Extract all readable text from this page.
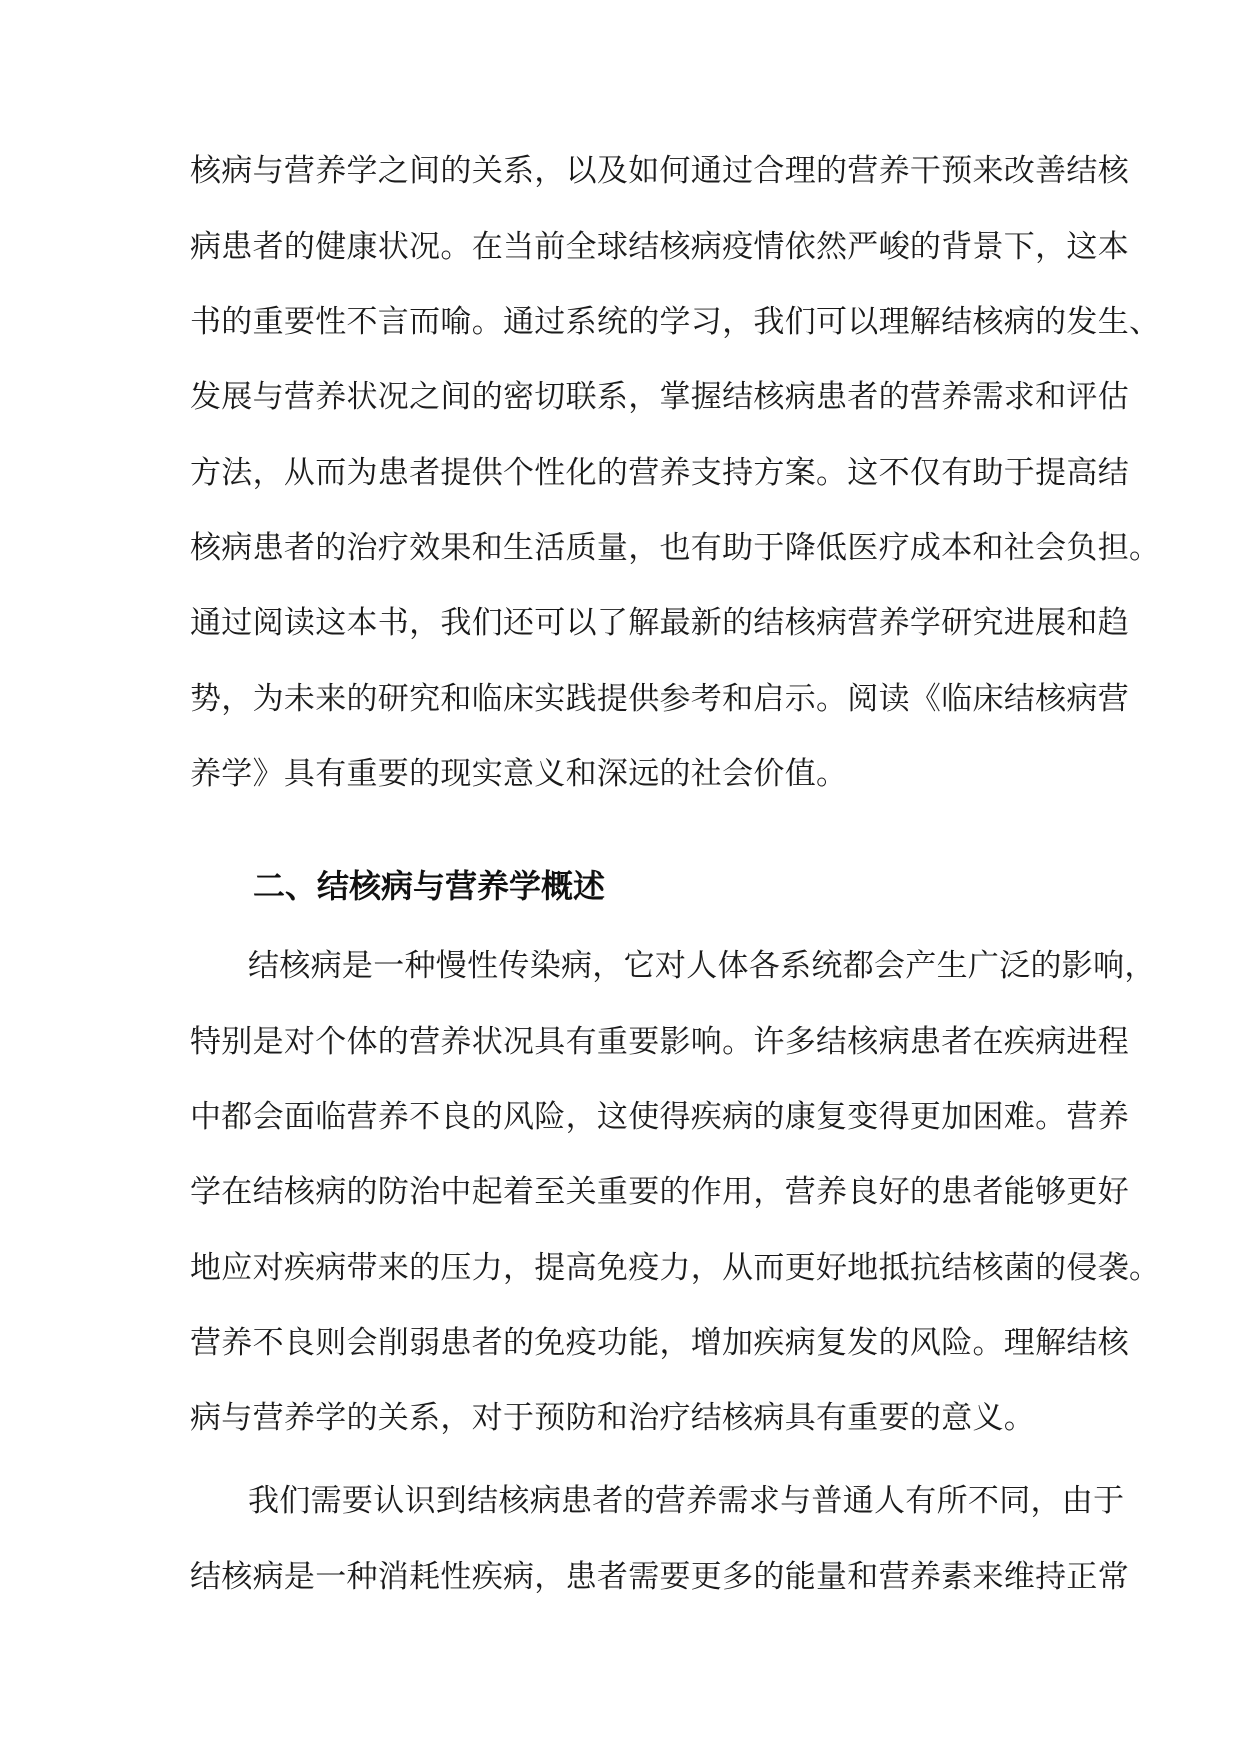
核病与营养学之间的关系，以及如何通过合理的营养干预来改善结核
病患者的健康状况。在当前全球结核病疫情依然严峻的背景下，这本
书的重要性不言而喻。通过系统的学习，我们可以理解结核病的发生、
发展与营养状况之间的密切联系，掌握结核病患者的营养需求和评估
方法，从而为患者提供个性化的营养支持方案。这不仅有助于提高结
核病患者的治疗效果和生活质量，也有助于降低医疗成本和社会负担。
通过阅读这本书，我们还可以了解最新的结核病营养学研究进展和趋
势，为未来的研究和临床实践提供参考和启示。阅读《临床结核病营
养学》具有重要的现实意义和深远的社会价值。
二、结核病与营养学概述
结核病是一种慢性传染病，它对人体各系统都会产生广泛的影响，
特别是对个体的营养状况具有重要影响。许多结核病患者在疾病进程
中都会面临营养不良的风险，这使得疾病的康复变得更加困难。营养
学在结核病的防治中起着至关重要的作用，营养良好的患者能够更好
地应对疾病带来的压力，提高免疫力，从而更好地抵抗结核菌的侵袭。
营养不良则会削弱患者的免疫功能，增加疾病复发的风险。理解结核
病与营养学的关系，对于预防和治疗结核病具有重要的意义。
我们需要认识到结核病患者的营养需求与普通人有所不同，由于
结核病是一种消耗性疾病，患者需要更多的能量和营养素来维持正常
